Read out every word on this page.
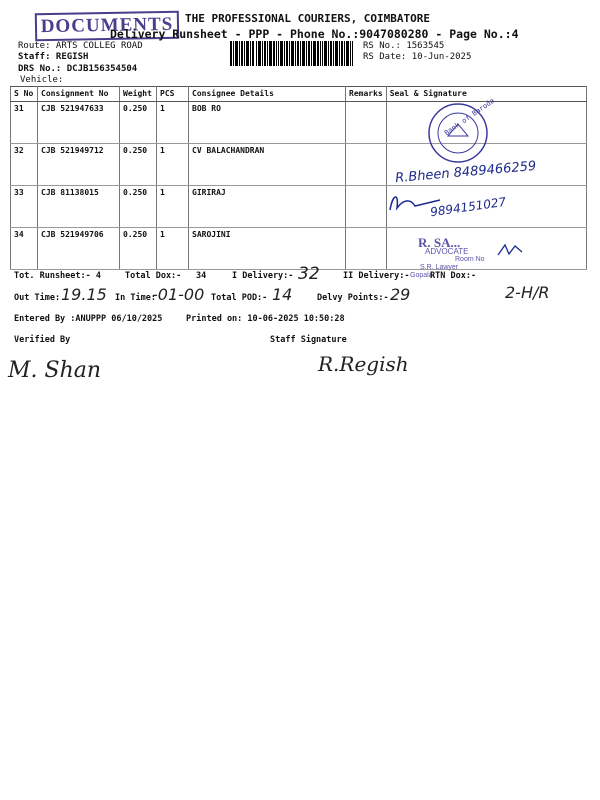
DOCUMENTS	THE PROFESSIONAL COURIERS, COIMBATORE
Delivery Runsheet - PPP - Phone No.:9047080280 - Page No.:4
Route: ARTS COLLEG ROAD
Staff: REGISH
DRS No.: DCJB156354504
Vehicle:
RS No.: 1563545
RS Date: 10-Jun-2025
S No	Consignment No	Weight	PCS	Consignee Details	Remarks	Seal & Signature
31	CJB 521947633	0.250	1	BOB RO		
32	CJB 521949712	0.250	1	CV BALACHANDRAN		
33	CJB 81138015	0.250	1	GIRIRAJ		
34	CJB 521949706	0.250	1	SAROJINI		
Bank of Baroda
R.Bheen 8489466259
9894151027
R. SA...
ADVOCATE
Room No
S.R. Lawyer
Gopala
Tot. Runsheet:- 4	Total Dox:- 34	I Delivery:- 32	II Delivery:- RTN Dox:-
Out Time: 19.15 In Time:
-01-00 Total POD:- 14	Delvy Points:- 29	2-H/R
Entered By :ANUPPP 06/10/2025	Printed on: 10-06-2025 10:50:28
Verified By	Staff Signature
M. Shan	R.Regish
